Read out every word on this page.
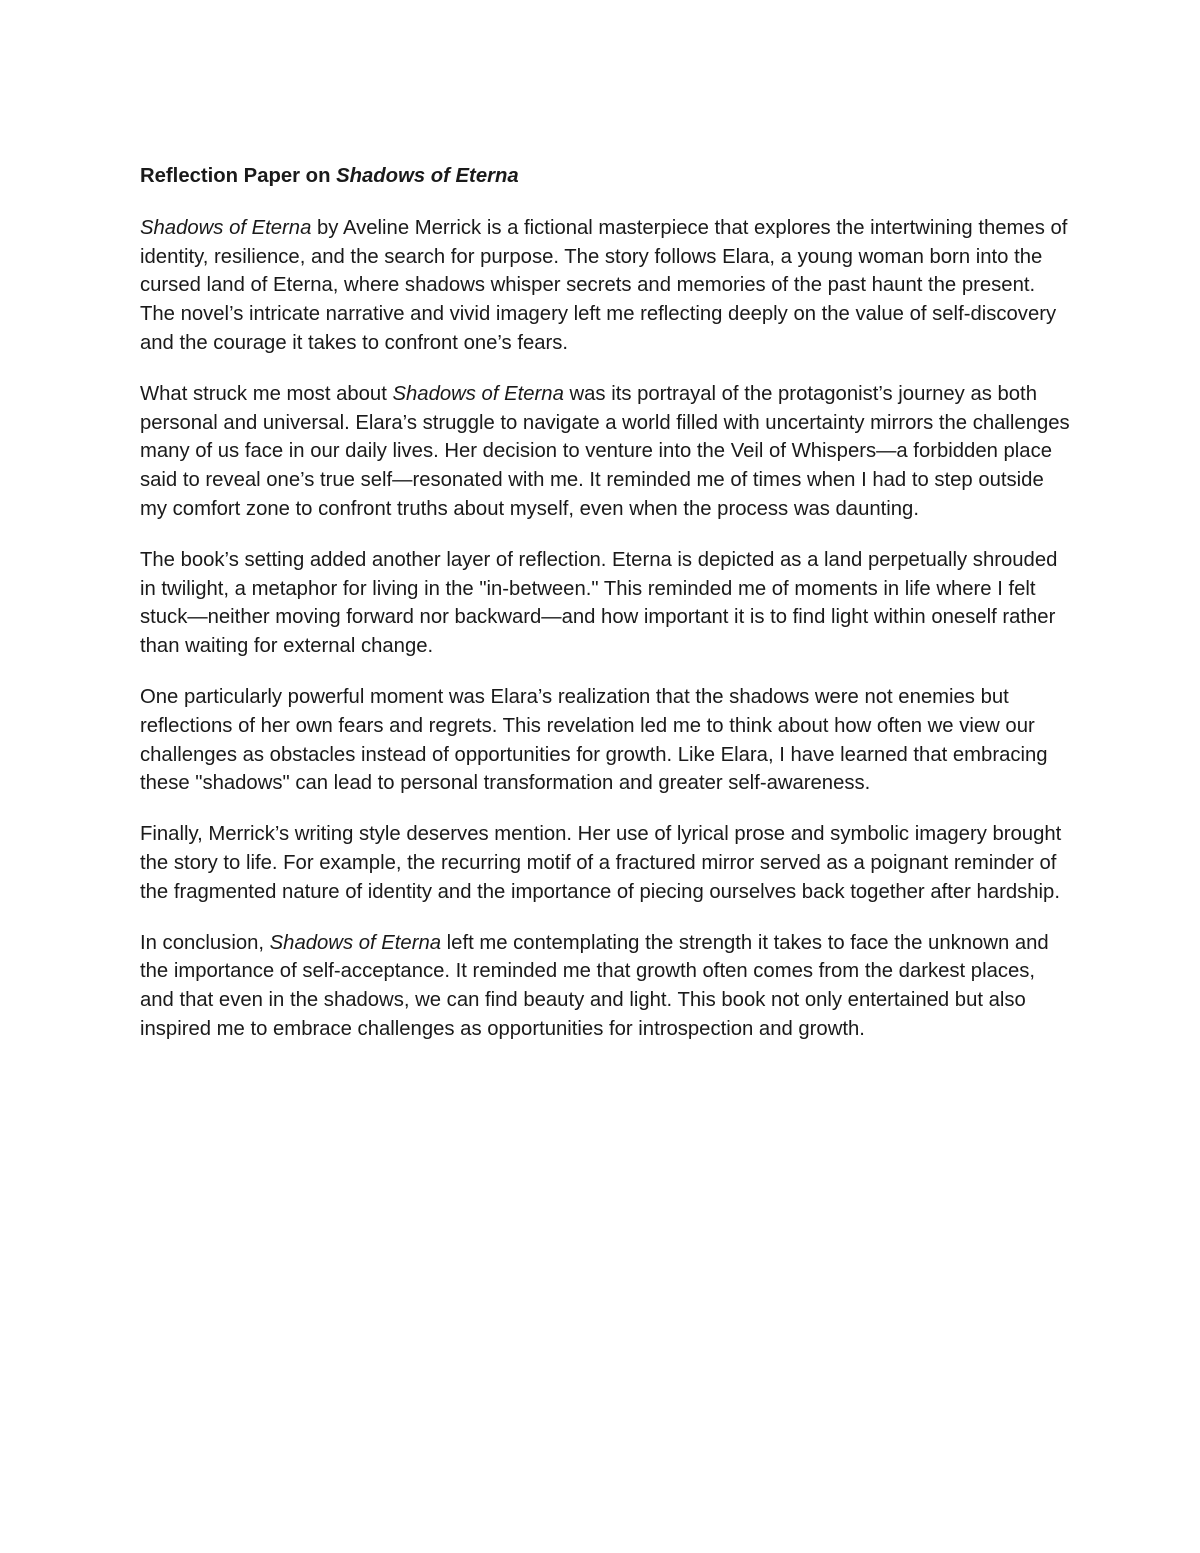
Reflection Paper on Shadows of Eterna

Shadows of Eterna by Aveline Merrick is a fictional masterpiece that explores the intertwining themes of identity, resilience, and the search for purpose. The story follows Elara, a young woman born into the cursed land of Eterna, where shadows whisper secrets and memories of the past haunt the present. The novel’s intricate narrative and vivid imagery left me reflecting deeply on the value of self-discovery and the courage it takes to confront one’s fears.

What struck me most about Shadows of Eterna was its portrayal of the protagonist’s journey as both personal and universal. Elara’s struggle to navigate a world filled with uncertainty mirrors the challenges many of us face in our daily lives. Her decision to venture into the Veil of Whispers—a forbidden place said to reveal one’s true self—resonated with me. It reminded me of times when I had to step outside my comfort zone to confront truths about myself, even when the process was daunting.

The book’s setting added another layer of reflection. Eterna is depicted as a land perpetually shrouded in twilight, a metaphor for living in the "in-between." This reminded me of moments in life where I felt stuck—neither moving forward nor backward—and how important it is to find light within oneself rather than waiting for external change.

One particularly powerful moment was Elara’s realization that the shadows were not enemies but reflections of her own fears and regrets. This revelation led me to think about how often we view our challenges as obstacles instead of opportunities for growth. Like Elara, I have learned that embracing these "shadows" can lead to personal transformation and greater self-awareness.

Finally, Merrick’s writing style deserves mention. Her use of lyrical prose and symbolic imagery brought the story to life. For example, the recurring motif of a fractured mirror served as a poignant reminder of the fragmented nature of identity and the importance of piecing ourselves back together after hardship.

In conclusion, Shadows of Eterna left me contemplating the strength it takes to face the unknown and the importance of self-acceptance. It reminded me that growth often comes from the darkest places, and that even in the shadows, we can find beauty and light. This book not only entertained but also inspired me to embrace challenges as opportunities for introspection and growth.
